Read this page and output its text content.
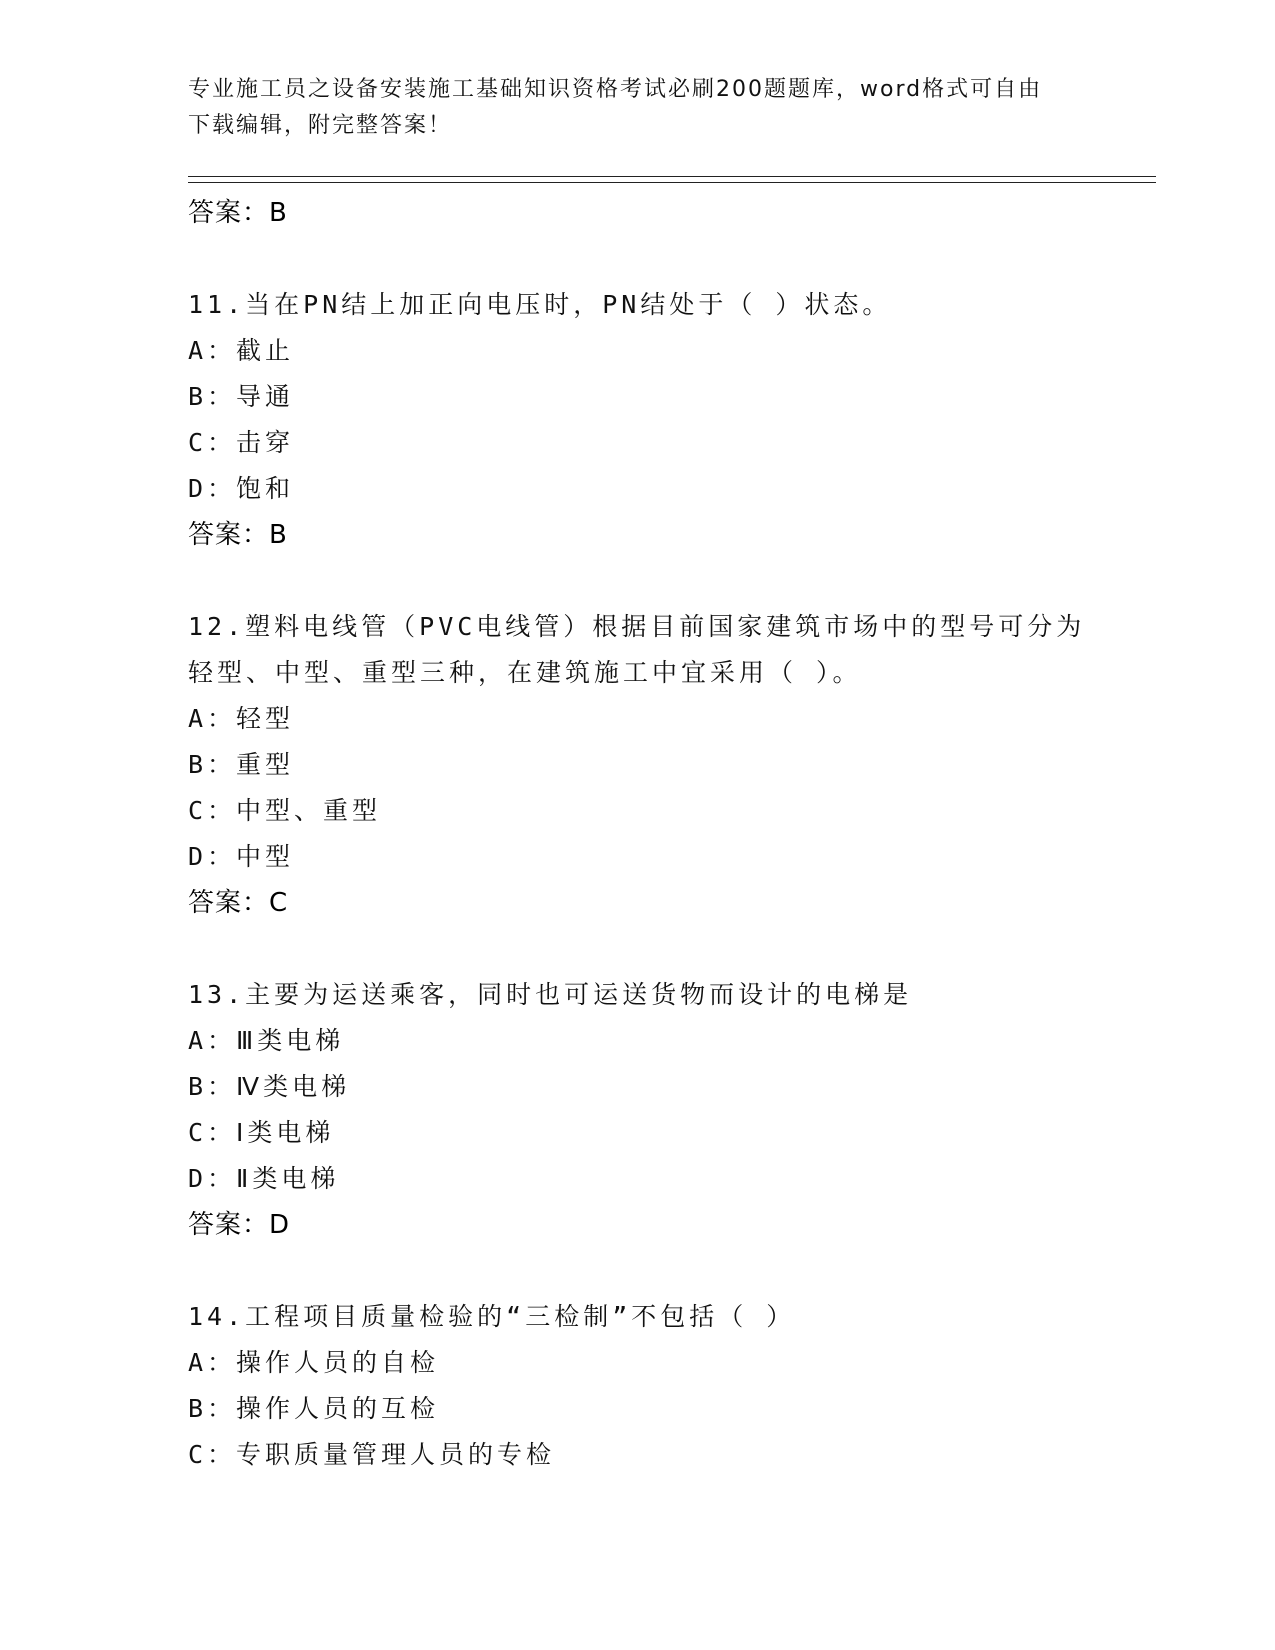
专业施工员之设备安装施工基础知识资格考试必刷200题题库，word格式可自由
下载编辑，附完整答案！
答案：B
11.当在PN结上加正向电压时，PN结处于（ ）状态。
A：截止
B：导通
C：击穿
D：饱和
答案：B
12.塑料电线管（PVC电线管）根据目前国家建筑市场中的型号可分为
轻型、中型、重型三种，在建筑施工中宜采用（ ）。
A：轻型
B：重型
C：中型、重型
D：中型
答案：C
13.主要为运送乘客，同时也可运送货物而设计的电梯是
A：Ⅲ类电梯
B：Ⅳ类电梯
C：Ⅰ类电梯
D：Ⅱ类电梯
答案：D
14.工程项目质量检验的“三检制”不包括（ ）
A：操作人员的自检
B：操作人员的互检
C：专职质量管理人员的专检
